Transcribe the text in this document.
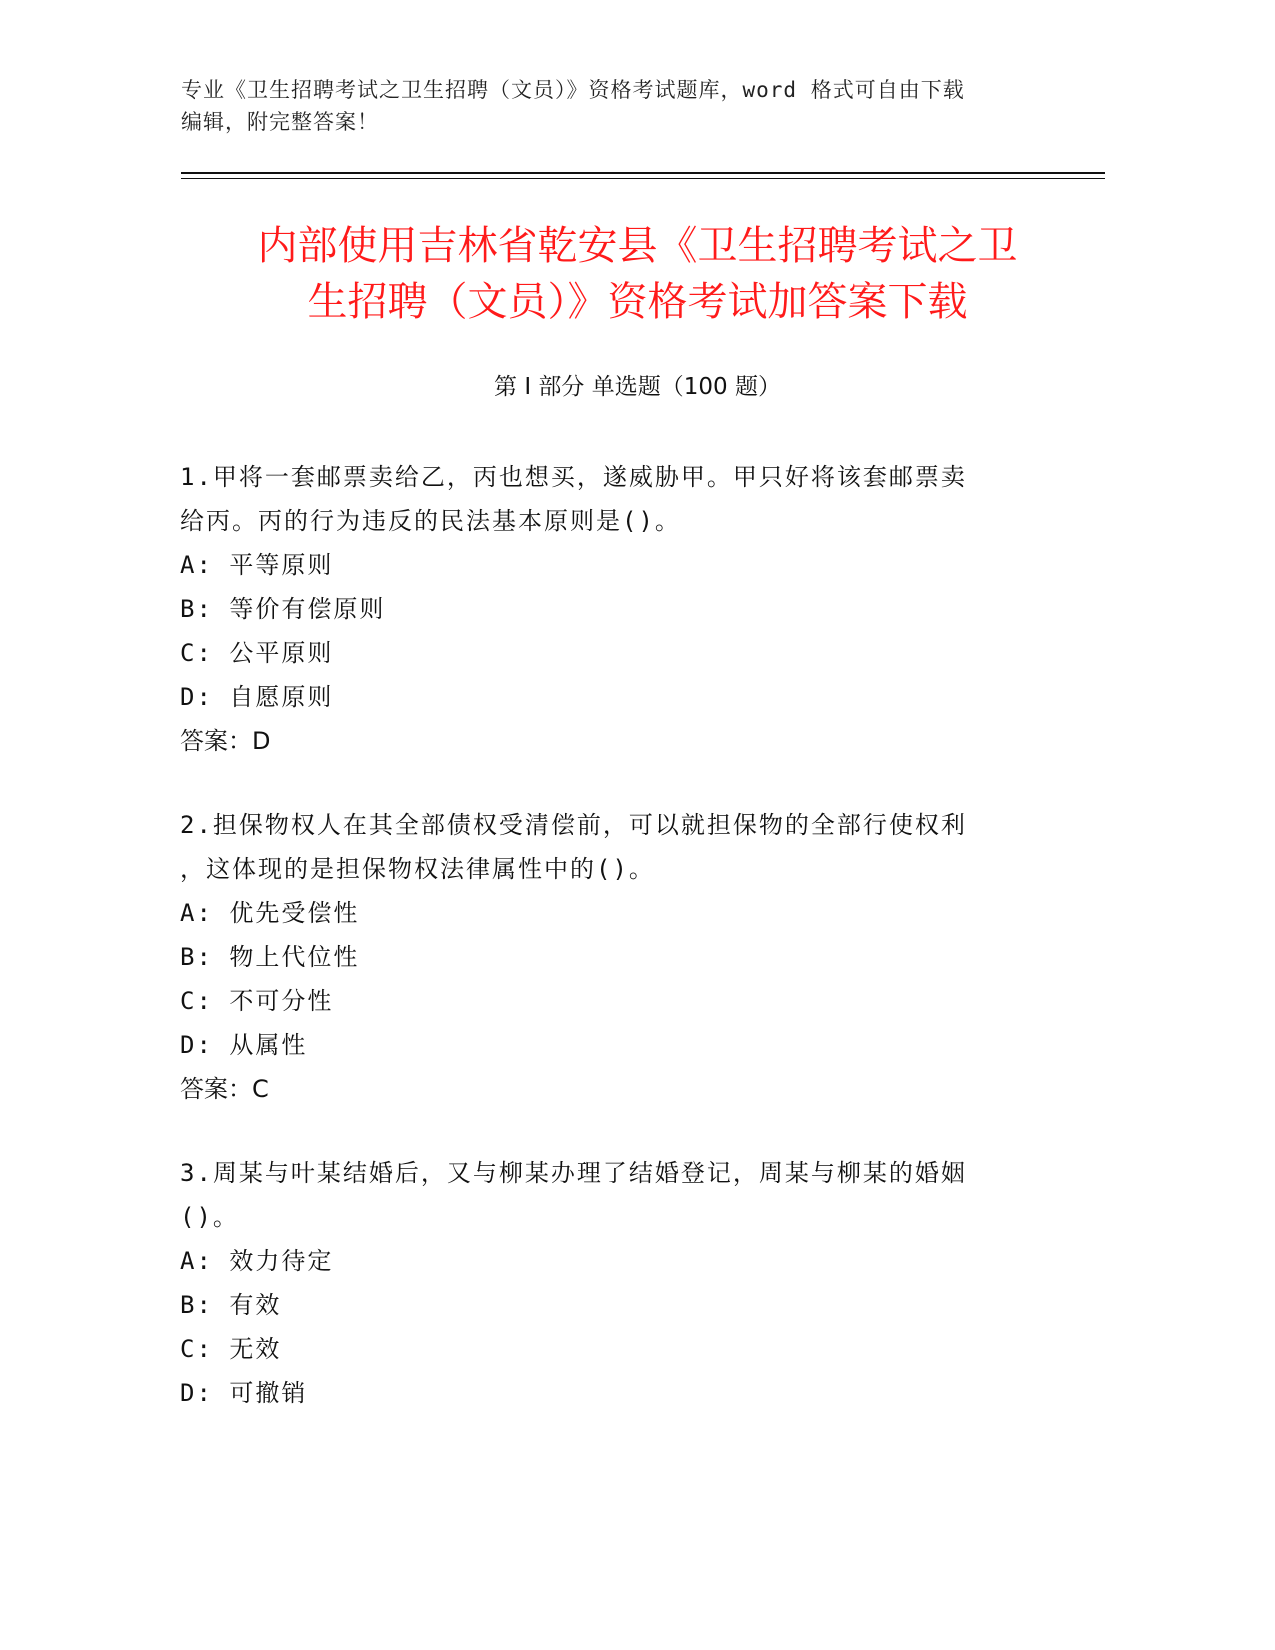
专业《卫生招聘考试之卫生招聘（文员）》资格考试题库，word 格式可自由下载
编辑，附完整答案！
内部使用吉林省乾安县《卫生招聘考试之卫
生招聘（文员）》资格考试加答案下载
第 I 部分 单选题（100 题）
1.甲将一套邮票卖给乙，丙也想买，遂威胁甲。甲只好将该套邮票卖
给丙。丙的行为违反的民法基本原则是()。
A: 平等原则
B: 等价有偿原则
C: 公平原则
D: 自愿原则
答案：D
2.担保物权人在其全部债权受清偿前，可以就担保物的全部行使权利
，这体现的是担保物权法律属性中的()。
A: 优先受偿性
B: 物上代位性
C: 不可分性
D: 从属性
答案：C
3.周某与叶某结婚后，又与柳某办理了结婚登记，周某与柳某的婚姻
()。
A: 效力待定
B: 有效
C: 无效
D: 可撤销
